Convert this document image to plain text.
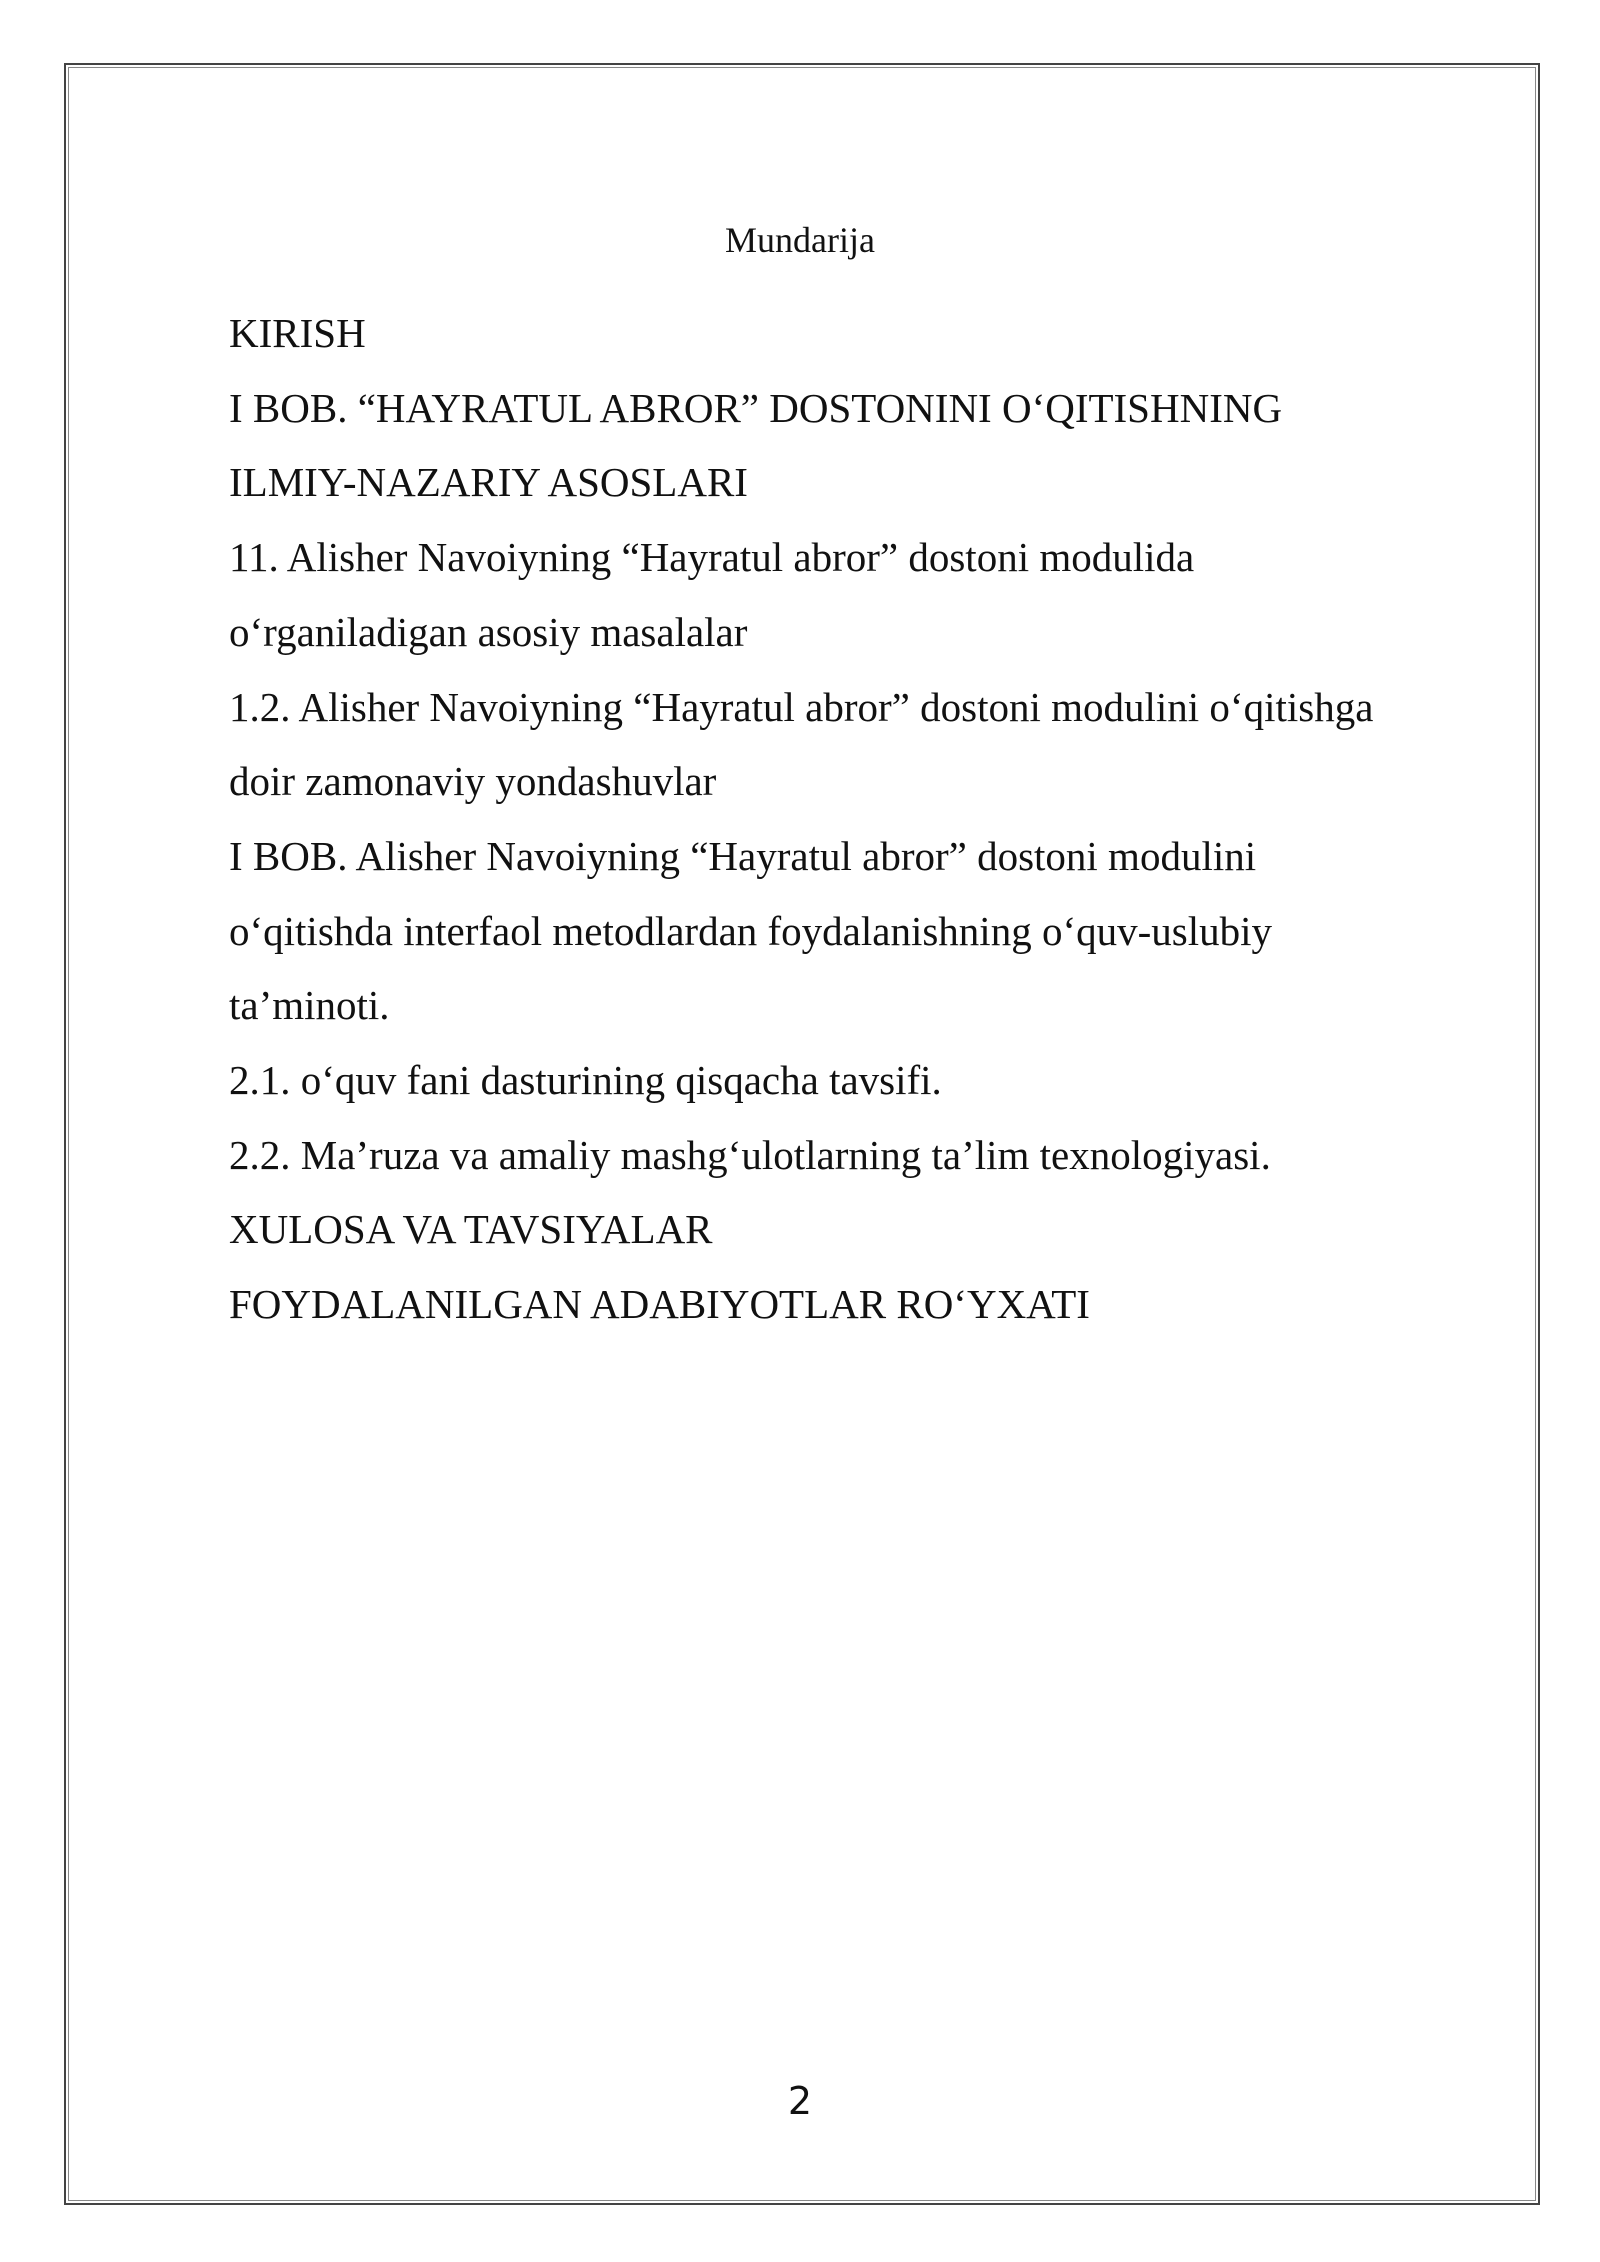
Mundarija
KIRISH
I BOB. “HAYRATUL ABROR” DOSTONINI O‘QITISHNING
ILMIY-NAZARIY ASOSLARI
11. Alisher Navoiyning “Hayratul abror” dostoni modulida
o‘rganiladigan asosiy masalalar
1.2. Alisher Navoiyning “Hayratul abror” dostoni modulini o‘qitishga
doir zamonaviy yondashuvlar
I BOB. Alisher Navoiyning “Hayratul abror” dostoni modulini
o‘qitishda interfaol metodlardan foydalanishning o‘quv-uslubiy
ta’minoti.
2.1. o‘quv fani dasturining qisqacha tavsifi.
2.2. Ma’ruza va amaliy mashg‘ulotlarning ta’lim texnologiyasi.
XULOSA VA TAVSIYALAR
FOYDALANILGAN ADABIYOTLAR RO‘YXATI
2
